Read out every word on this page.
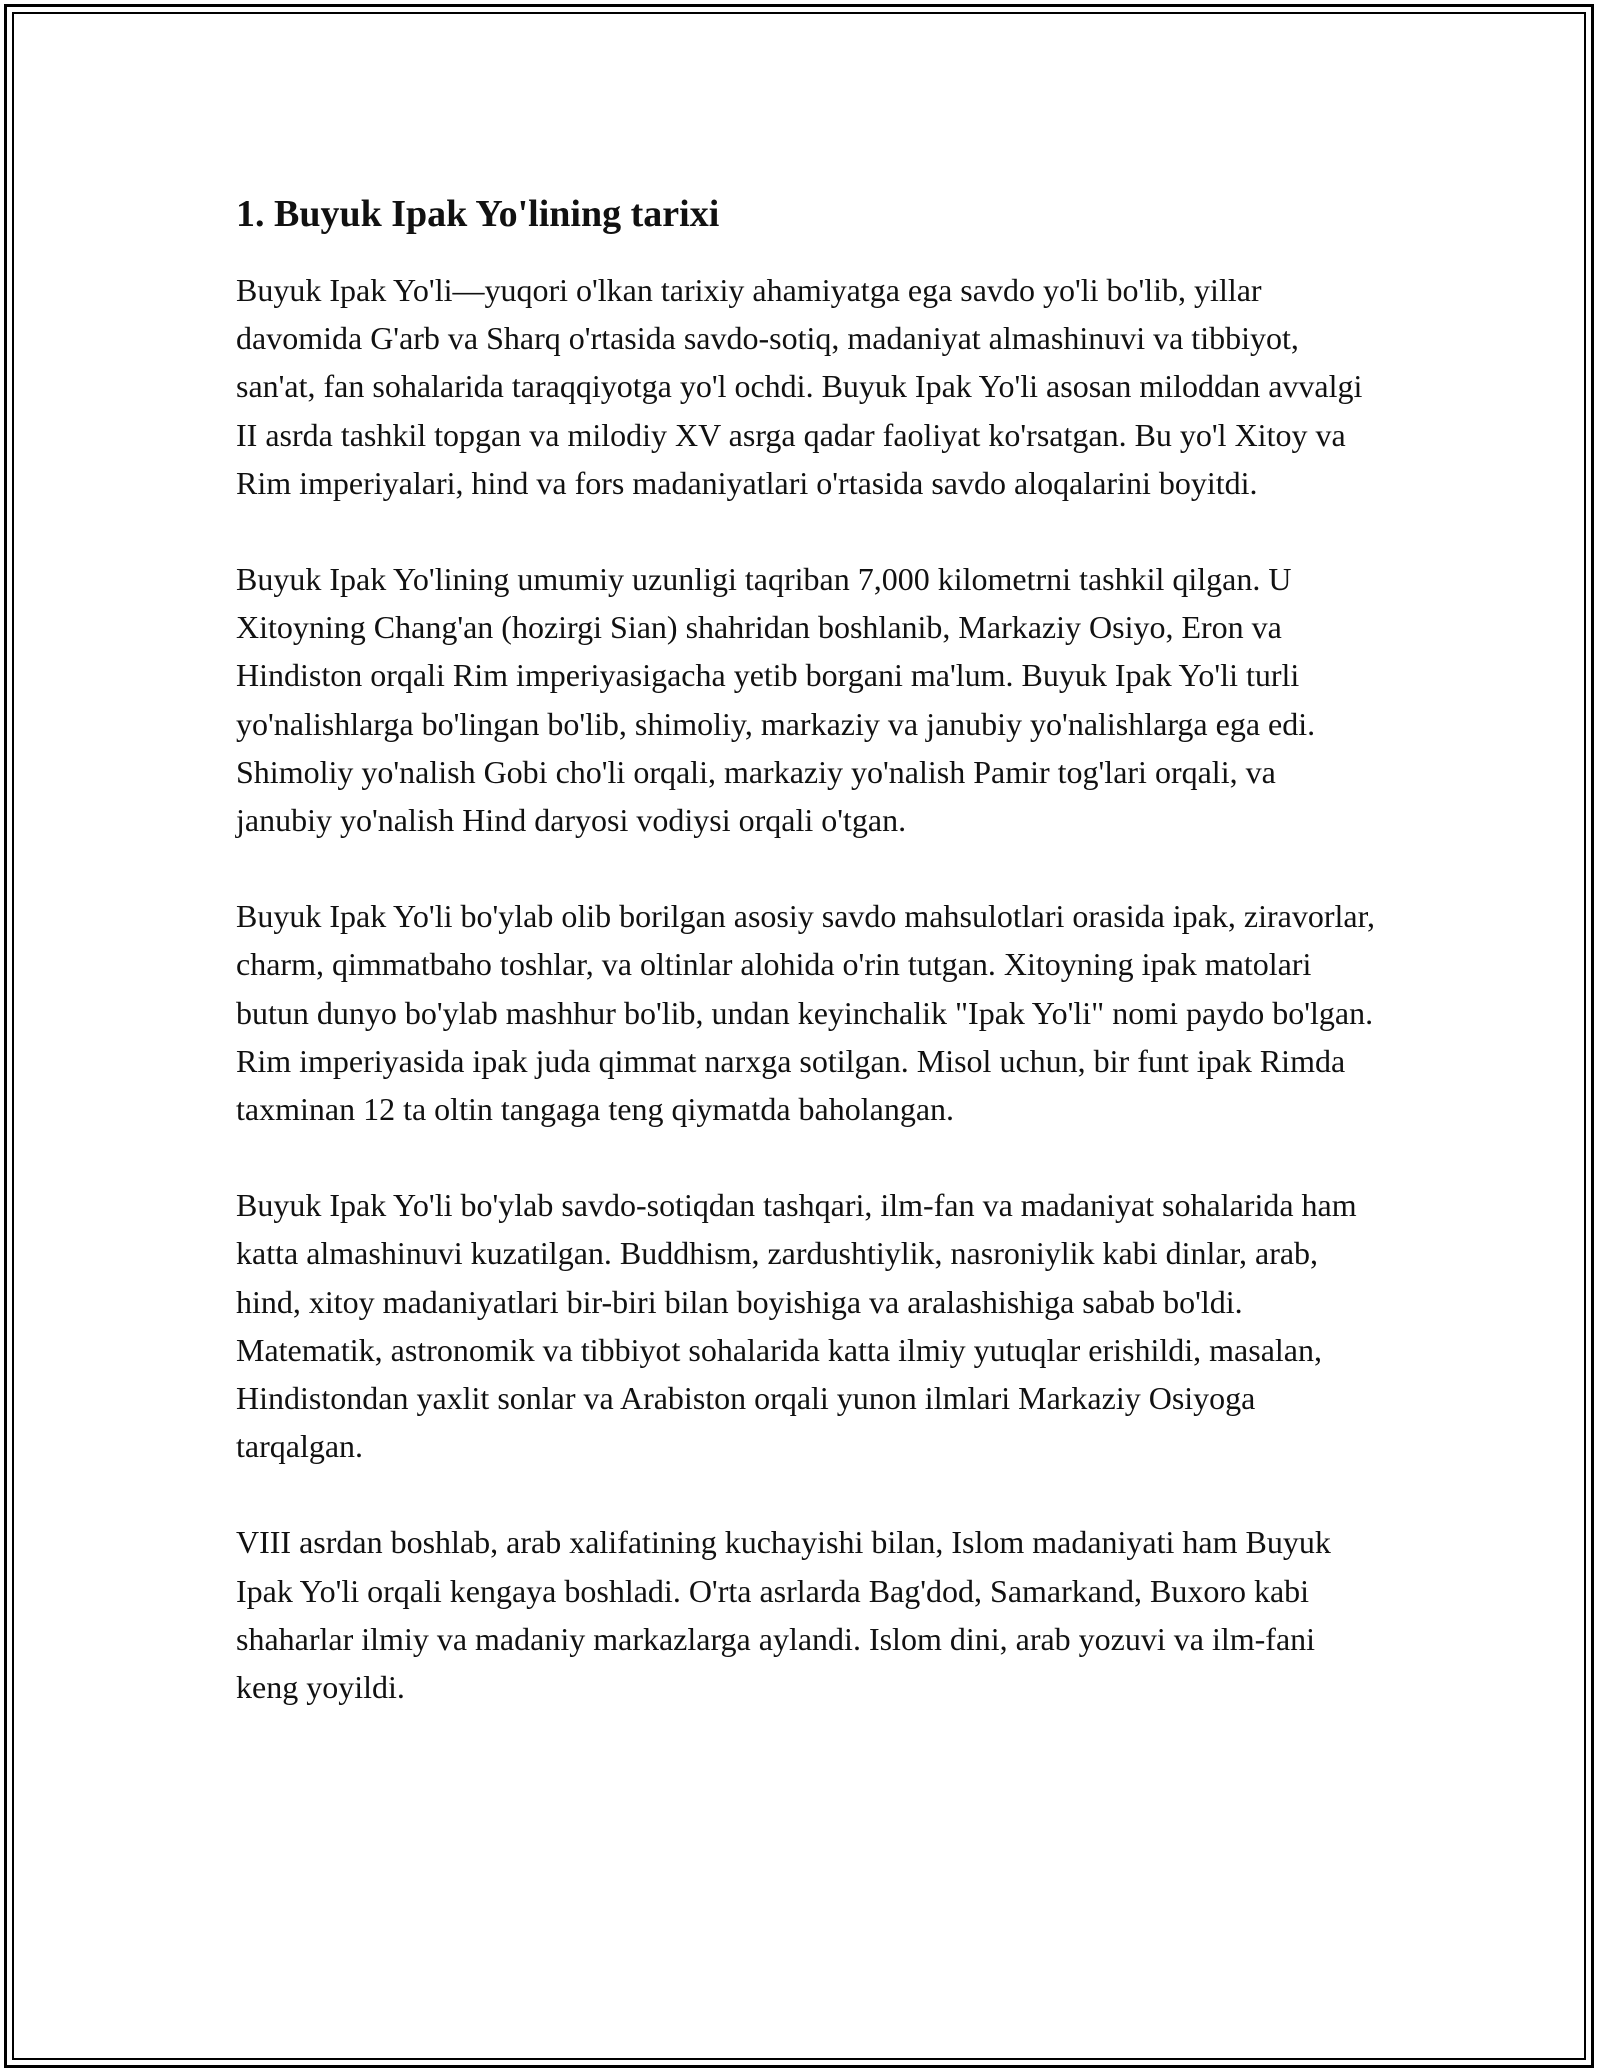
1. Buyuk Ipak Yo'lining tarixi

Buyuk Ipak Yo'li—yuqori o'lkan tarixiy ahamiyatga ega savdo yo'li bo'lib, yillar davomida G'arb va Sharq o'rtasida savdo-sotiq, madaniyat almashinuvi va tibbiyot, san'at, fan sohalarida taraqqiyotga yo'l ochdi. Buyuk Ipak Yo'li asosan miloddan avvalgi II asrda tashkil topgan va milodiy XV asrga qadar faoliyat ko'rsatgan. Bu yo'l Xitoy va Rim imperiyalari, hind va fors madaniyatlari o'rtasida savdo aloqalarini boyitdi.

Buyuk Ipak Yo'lining umumiy uzunligi taqriban 7,000 kilometrni tashkil qilgan. U Xitoyning Chang'an (hozirgi Sian) shahridan boshlanib, Markaziy Osiyo, Eron va Hindiston orqali Rim imperiyasigacha yetib borgani ma'lum. Buyuk Ipak Yo'li turli yo'nalishlarga bo'lingan bo'lib, shimoliy, markaziy va janubiy yo'nalishlarga ega edi. Shimoliy yo'nalish Gobi cho'li orqali, markaziy yo'nalish Pamir tog'lari orqali, va janubiy yo'nalish Hind daryosi vodiysi orqali o'tgan.

Buyuk Ipak Yo'li bo'ylab olib borilgan asosiy savdo mahsulotlari orasida ipak, ziravorlar, charm, qimmatbaho toshlar, va oltinlar alohida o'rin tutgan. Xitoyning ipak matolari butun dunyo bo'ylab mashhur bo'lib, undan keyinchalik "Ipak Yo'li" nomi paydo bo'lgan. Rim imperiyasida ipak juda qimmat narxga sotilgan. Misol uchun, bir funt ipak Rimda taxminan 12 ta oltin tangaga teng qiymatda baholangan.

Buyuk Ipak Yo'li bo'ylab savdo-sotiqdan tashqari, ilm-fan va madaniyat sohalarida ham katta almashinuvi kuzatilgan. Buddhism, zardushtiylik, nasroniylik kabi dinlar, arab, hind, xitoy madaniyatlari bir-biri bilan boyishiga va aralashishiga sabab bo'ldi. Matematik, astronomik va tibbiyot sohalarida katta ilmiy yutuqlar erishildi, masalan, Hindistondan yaxlit sonlar va Arabiston orqali yunon ilmlari Markaziy Osiyoga tarqalgan.

VIII asrdan boshlab, arab xalifatining kuchayishi bilan, Islom madaniyati ham Buyuk Ipak Yo'li orqali kengaya boshladi. O'rta asrlarda Bag'dod, Samarkand, Buxoro kabi shaharlar ilmiy va madaniy markazlarga aylandi. Islom dini, arab yozuvi va ilm-fani keng yoyildi.
